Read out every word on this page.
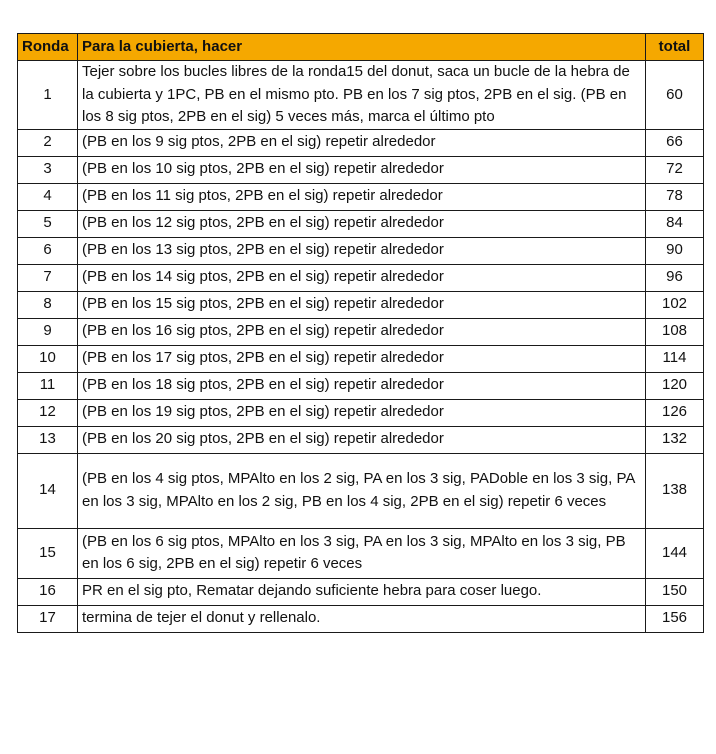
Ronda	Para la cubierta, hacer	total
1	Tejer sobre los bucles libres de la ronda15 del donut, saca un bucle de la hebra de la cubierta y 1PC, PB en el mismo pto. PB en los 7 sig ptos, 2PB en el sig. (PB en los 8 sig ptos, 2PB en el sig) 5 veces más, marca el último pto	60
2	(PB en los 9 sig ptos, 2PB en el sig) repetir alrededor	66
3	(PB en los 10 sig ptos, 2PB en el sig) repetir alrededor	72
4	(PB en los 11 sig ptos, 2PB en el sig) repetir alrededor	78
5	(PB en los 12 sig ptos, 2PB en el sig) repetir alrededor	84
6	(PB en los 13 sig ptos, 2PB en el sig) repetir alrededor	90
7	(PB en los 14 sig ptos, 2PB en el sig) repetir alrededor	96
8	(PB en los 15 sig ptos, 2PB en el sig) repetir alrededor	102
9	(PB en los 16 sig ptos, 2PB en el sig) repetir alrededor	108
10	(PB en los 17 sig ptos, 2PB en el sig) repetir alrededor	114
11	(PB en los 18 sig ptos, 2PB en el sig) repetir alrededor	120
12	(PB en los 19 sig ptos, 2PB en el sig) repetir alrededor	126
13	(PB en los 20 sig ptos, 2PB en el sig) repetir alrededor	132
14	(PB en los 4 sig ptos, MPAlto en los 2 sig, PA en los 3 sig, PADoble en los 3 sig, PA en los 3 sig, MPAlto en los 2 sig, PB en los 4 sig, 2PB en el sig) repetir 6 veces	138
15	(PB en los 6 sig ptos, MPAlto en los 3 sig, PA en los 3 sig, MPAlto en los 3 sig, PB en los 6 sig, 2PB en el sig) repetir 6 veces	144
16	PR en el sig pto, Rematar dejando suficiente hebra para coser luego.	150
17	termina de tejer el donut y rellenalo.	156
